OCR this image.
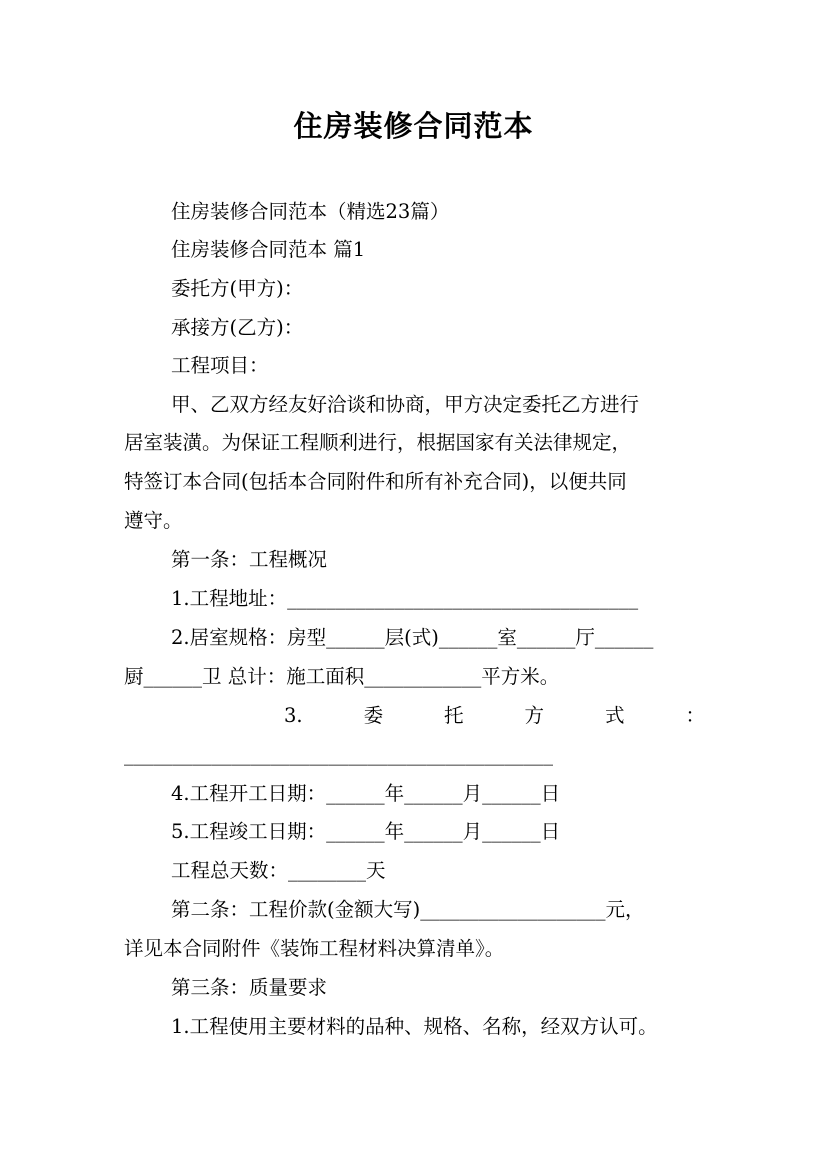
住房装修合同范本
住房装修合同范本（精选23篇）
住房装修合同范本 篇1
委托方(甲方)：
承接方(乙方)：
工程项目：
甲、乙双方经友好洽谈和协商，甲方决定委托乙方进行
居室装潢。为保证工程顺利进行，根据国家有关法律规定，
特签订本合同(包括本合同附件和所有补充合同)，以便共同
遵守。
第一条：工程概况
1.工程地址：____________________________________
2.居室规格：房型______层(式)______室______厅______
厨______卫 总计：施工面积____________平方米。
3.	委	托	方	式	：
____________________________________________
4.工程开工日期：______年______月______日
5.工程竣工日期：______年______月______日
工程总天数：________天
第二条：工程价款(金额大写)___________________元，
详见本合同附件《装饰工程材料决算清单》。
第三条：质量要求
1.工程使用主要材料的品种、规格、名称，经双方认可。
